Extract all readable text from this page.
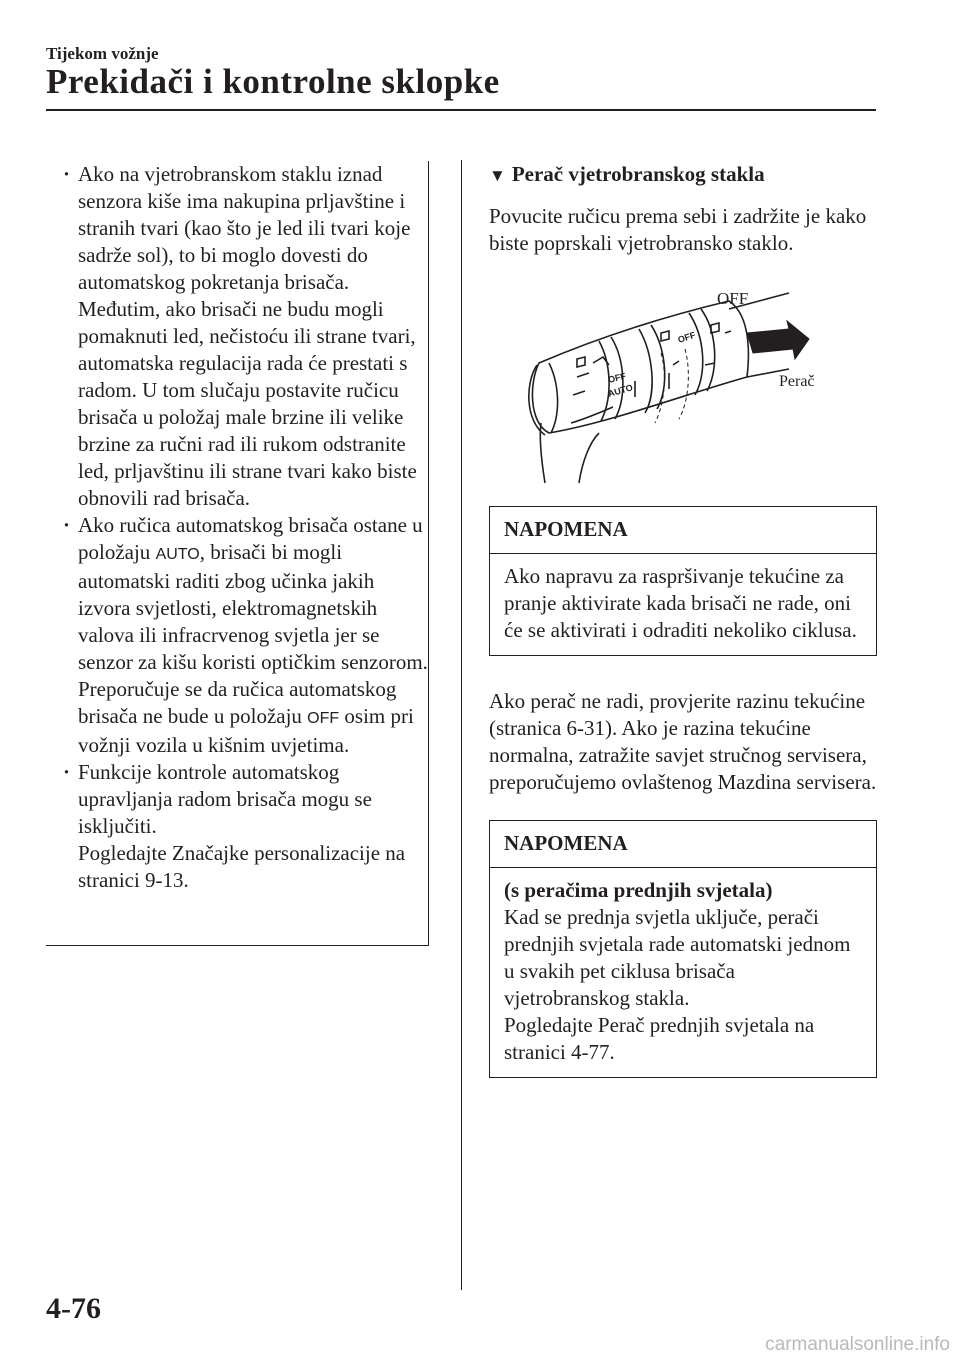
Tijekom vožnje
Prekidači i kontrolne sklopke

· Ako na vjetrobranskom staklu iznad senzora kiše ima nakupina prljavštine i stranih tvari (kao što je led ili tvari koje sadrže sol), to bi moglo dovesti do automatskog pokretanja brisača. Međutim, ako brisači ne budu mogli pomaknuti led, nečistoću ili strane tvari, automatska regulacija rada će prestati s radom. U tom slučaju postavite ručicu brisača u položaj male brzine ili velike brzine za ručni rad ili rukom odstranite led, prljavštinu ili strane tvari kako biste obnovili rad brisača.

· Ako ručica automatskog brisača ostane u položaju AUTO, brisači bi mogli automatski raditi zbog učinka jakih izvora svjetlosti, elektromagnetskih valova ili infracrvenog svjetla jer se senzor za kišu koristi optičkim senzorom. Preporučuje se da ručica automatskog brisača ne bude u položaju OFF osim pri vožnji vozila u kišnim uvjetima.

· Funkcije kontrole automatskog upravljanja radom brisača mogu se isključiti.

Pogledajte Značajke personalizacije na stranici 9-13.

▼ Perač vjetrobranskog stakla

Povucite ručicu prema sebi i zadržite je kako biste poprskali vjetrobransko staklo.

OFF
OFF
AUTO
OFF
Perač
NAPOMENA

Ako napravu za raspršivanje tekućine za pranje aktivirate kada brisači ne rade, oni će se aktivirati i odraditi nekoliko ciklusa.

Ako perač ne radi, provjerite razinu tekućine (stranica 6-31). Ako je razina tekućine normalna, zatražite savjet stručnog servisera, preporučujemo ovlaštenog Mazdina servisera.

NAPOMENA

(s peračima prednjih svjetala)

Kad se prednja svjetla uključe, perači prednjih svjetala rade automatski jednom u svakih pet ciklusa brisača vjetrobranskog stakla.

Pogledajte Perač prednjih svjetala na stranici 4-77.

4-76
carmanualsonline.info
